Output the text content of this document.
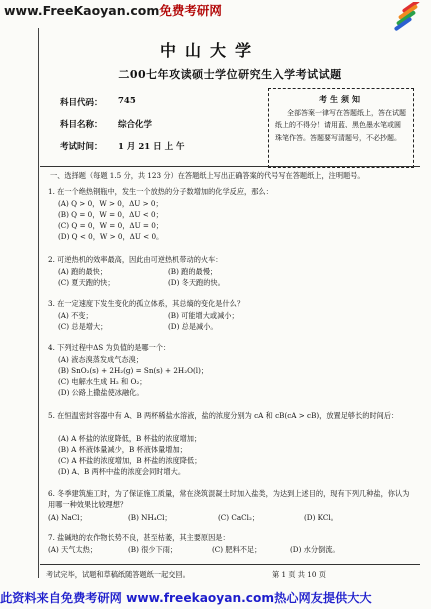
www.FreeKaoyan.com免费考研网
中山大学
二00七年攻读硕士学位研究生入学考试试题
科目代码： 745
科目名称： 综合化学
考试时间： 1 月 21 日 上 午
考生须知
全部答案一律写在答题纸上，答在试题纸上的不得分！请用蓝、黑色墨水笔或圆珠笔作答。答题要写清题号，不必抄题。
一、选择题（每题 1.5 分，共 123 分）在答题纸上写出正确答案的代号写在答题纸上，注明题号。
1. 在一个绝热钢瓶中，发生一个放热的分子数增加的化学反应，那么：
(A) Q > 0，W > 0，ΔU > 0；
(B) Q = 0，W = 0，ΔU < 0；
(C) Q = 0，W = 0，ΔU = 0；
(D) Q < 0，W > 0，ΔU < 0。
2. 可逆热机的效率最高，因此由可逆热机带动的火车：
(A) 跑的最快；	(B) 跑的最慢；
(C) 夏天跑的快；	(D) 冬天跑的快。
3. 在一定速度下发生变化的孤立体系，其总熵的变化是什么？
(A) 不变；	(B) 可能增大或减小；
(C) 总是增大；	(D) 总是减小。
4. 下列过程中ΔS 为负值的是哪一个：
(A) 液态溴蒸发成气态溴；
(B) SnO₂(s) + 2H₂(g) = Sn(s) + 2H₂O(l)；
(C) 电解水生成 H₂ 和 O₂；
(D) 公路上撒盐使冰融化。
5. 在恒温密封容器中有 A、B 两杯稀盐水溶液，盐的浓度分别为 cA 和 cB(cA > cB)，放置足够长的时间后：
(A) A 杯盐的浓度降低，B 杯盐的浓度增加；
(B) A 杯液体量减少，B 杯液体量增加；
(C) A 杯盐的浓度增加，B 杯盐的浓度降低；
(D) A、B 两杯中盐的浓度会同时增大。
6. 冬季建筑施工时，为了保证施工质量，常在浇筑混凝土时加入盐类，为达到上述目的，现有下列几种盐，你认为用哪一种效果比较理想？
(A) NaCl；	(B) NH₄Cl；	(C) CaCl₂；	(D) KCl。
7. 盐碱地的农作物长势不良，甚至枯萎，其主要原因是：
(A) 天气太热；	(B) 很少下雨；	(C) 肥料不足；	(D) 水分倒流。
考试完毕，试题和草稿纸随答题纸一起交回。	第 1 页 共 10 页
此资料来自免费考研网 www.freekaoyan.com热心网友提供大大
